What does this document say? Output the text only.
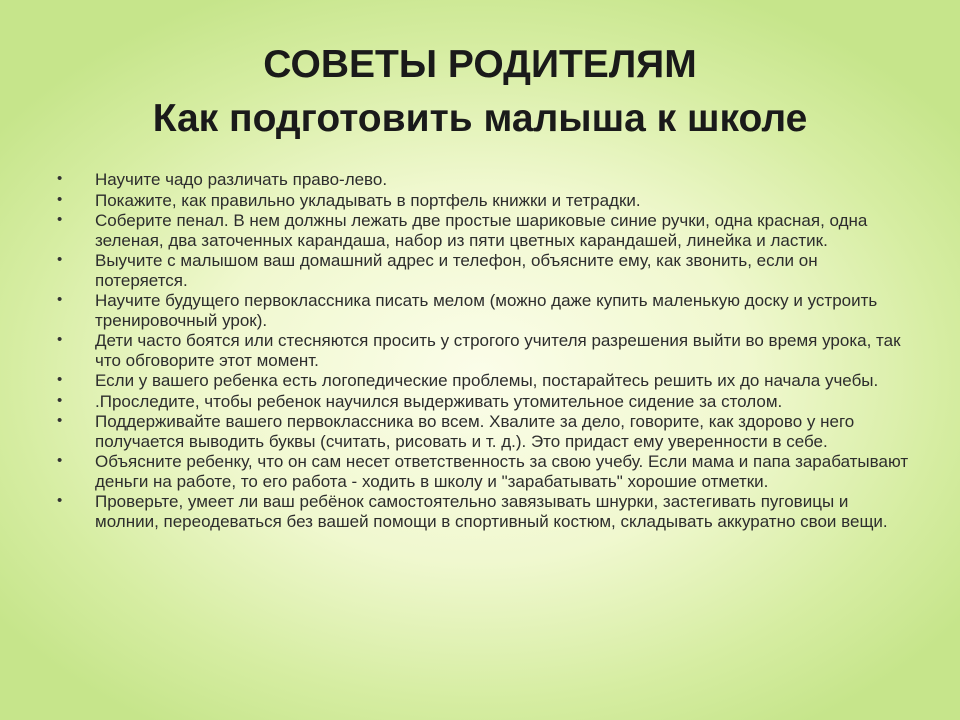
СОВЕТЫ РОДИТЕЛЯМ
Как подготовить малыша к школе
• Научите чадо различать право-лево.
• Покажите, как правильно укладывать в портфель книжки и тетрадки.
• Соберите пенал. В нем должны лежать две простые шариковые синие ручки, одна красная, одна зеленая, два заточенных карандаша, набор из пяти цветных карандашей, линейка и ластик.
• Выучите с малышом ваш домашний адрес и телефон, объясните ему, как звонить, если он потеряется.
• Научите будущего первоклассника писать мелом (можно даже купить маленькую доску и устроить тренировочный урок).
• Дети часто боятся или стесняются просить у строгого учителя разрешения выйти во время урока, так что обговорите этот момент.
• Если у вашего ребенка есть логопедические проблемы, постарайтесь решить их до начала учебы.
• .Проследите, чтобы ребенок научился выдерживать утомительное сидение за столом.
• Поддерживайте вашего первоклассника во всем. Хвалите за дело, говорите, как здорово у него получается выводить буквы (считать, рисовать и т. д.). Это придаст ему уверенности в себе.
• Объясните ребенку, что он сам несет ответственность за свою учебу. Если мама и папа зарабатывают деньги на работе, то его работа - ходить в школу и "зарабатывать" хорошие отметки.
• Проверьте, умеет ли ваш ребёнок самостоятельно завязывать шнурки, застегивать пуговицы и молнии, переодеваться без вашей помощи в спортивный костюм, складывать аккуратно свои вещи.
